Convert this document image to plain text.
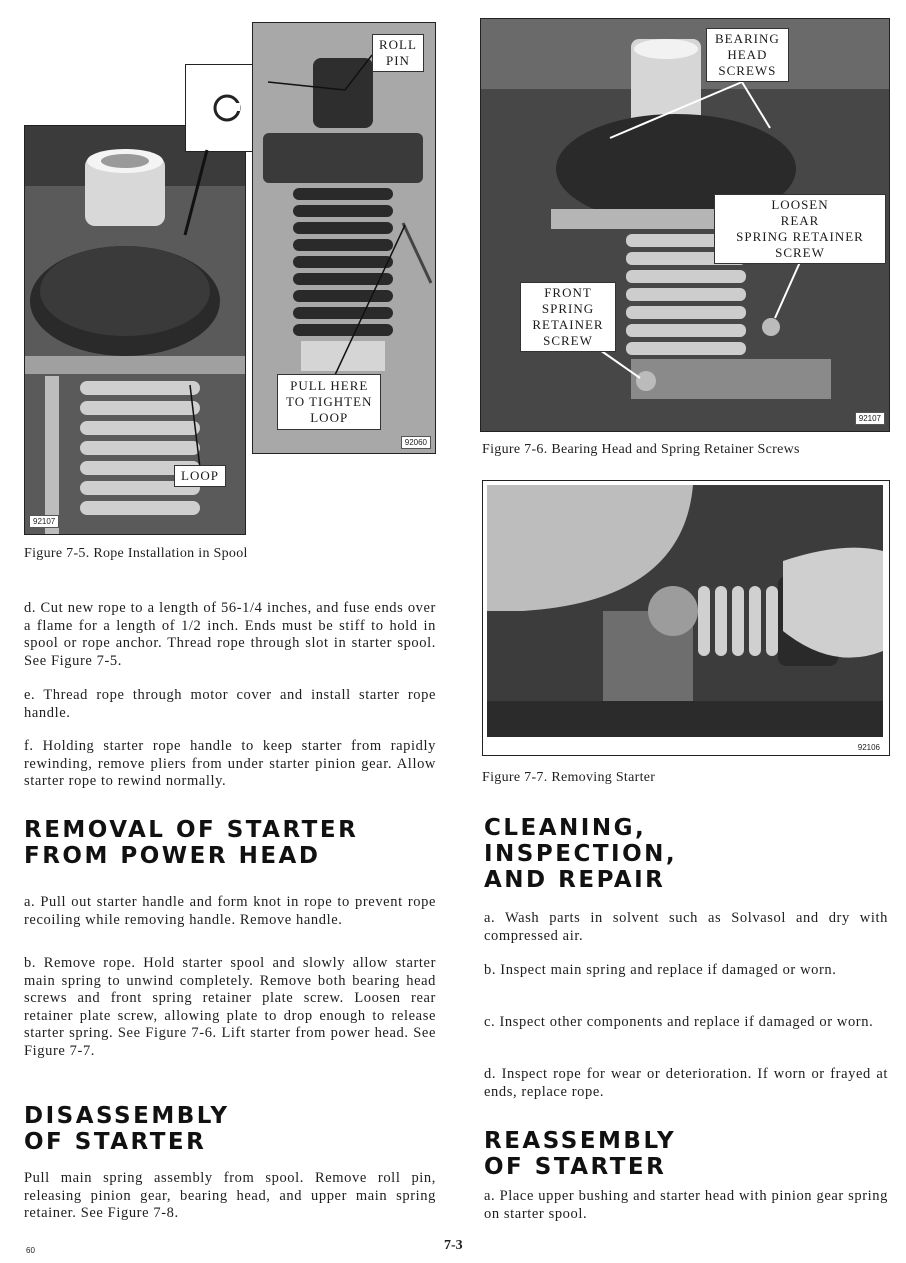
92107
92060
ROLL
PIN
PULL HERE
TO TIGHTEN
LOOP
LOOP
Figure 7-5. Rope Installation in Spool
92107
BEARING
HEAD
SCREWS
LOOSEN
REAR
SPRING RETAINER
SCREW
FRONT
SPRING
RETAINER
SCREW
Figure 7-6. Bearing Head and Spring Retainer Screws
92106
Figure 7-7. Removing Starter

d. Cut new rope to a length of 56-1/4 inches, and fuse ends over a flame for a length of 1/2 inch. Ends must be stiff to hold in spool or rope anchor. Thread rope through slot in starter spool. See Figure 7-5.

e. Thread rope through motor cover and install starter rope handle.

f. Holding starter rope handle to keep starter from rapidly rewinding, remove pliers from under starter pinion gear. Allow starter rope to rewind normally.

REMOVAL OF STARTER
FROM POWER HEAD

a. Pull out starter handle and form knot in rope to prevent rope recoiling while removing handle. Remove handle.

b. Remove rope. Hold starter spool and slowly allow starter main spring to unwind completely. Remove both bearing head screws and front spring retainer plate screw. Loosen rear retainer plate screw, allowing plate to drop enough to release starter spring. See Figure 7-6. Lift starter from power head. See Figure 7-7.

DISASSEMBLY
OF STARTER

Pull main spring assembly from spool. Remove roll pin, releasing pinion gear, bearing head, and upper main spring retainer. See Figure 7-8.

CLEANING,
INSPECTION,
AND REPAIR

a. Wash parts in solvent such as Solvasol and dry with compressed air.

b. Inspect main spring and replace if damaged or worn.

c. Inspect other components and replace if damaged or worn.

d. Inspect rope for wear or deterioration. If worn or frayed at ends, replace rope.

REASSEMBLY
OF STARTER

a. Place upper bushing and starter head with pinion gear spring on starter spool.

60	7-3
